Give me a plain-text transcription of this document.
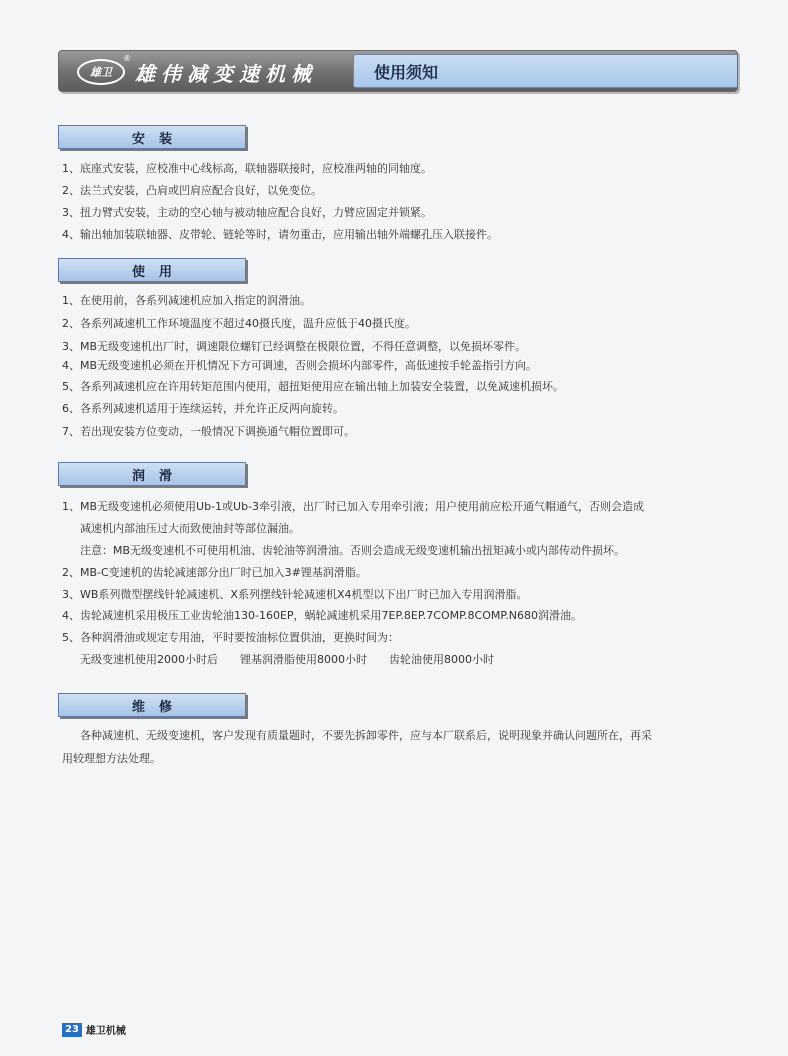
雄卫
®
雄伟减变速机械	使用须知
安装
1、底座式安装，应校准中心线标高，联轴器联接时，应校准两轴的同轴度。
2、法兰式安装，凸肩或凹肩应配合良好，以免变位。
3、扭力臂式安装，主动的空心轴与被动轴应配合良好，力臂应固定并锁紧。
4、输出轴加装联轴器、皮带轮、链轮等时，请勿重击，应用输出轴外端螺孔压入联接件。
使用
1、在使用前，各系列减速机应加入指定的润滑油。
2、各系列减速机工作环境温度不超过40摄氏度，温升应低于40摄氏度。
3、MB无级变速机出厂时，调速限位螺钉已经调整在极限位置，不得任意调整，以免损坏零件。
4、MB无级变速机必须在开机情况下方可调速，否则会损坏内部零件，高低速按手轮盖指引方向。
5、各系列减速机应在许用转矩范围内使用，超扭矩使用应在输出轴上加装安全装置，以免减速机损坏。
6、各系列减速机适用于连续运转，并允许正反两向旋转。
7、若出现安装方位变动，一般情况下调换通气帽位置即可。
润滑
1、MB无级变速机必须使用Ub-1或Ub-3牵引液，出厂时已加入专用牵引液；用户使用前应松开通气帽通气，否则会造成
减速机内部油压过大而致使油封等部位漏油。
注意：MB无级变速机不可使用机油、齿轮油等润滑油。否则会造成无级变速机输出扭矩减小或内部传动件损坏。
2、MB-C变速机的齿轮减速部分出厂时已加入3#锂基润滑脂。
3、WB系列微型摆线针轮减速机、X系列摆线针轮减速机X4机型以下出厂时已加入专用润滑脂。
4、齿轮减速机采用极压工业齿轮油130-160EP，蜗轮减速机采用7EP.8EP.7COMP.8COMP.N680润滑油。
5、各种润滑油或规定专用油，平时要按油标位置供油，更换时间为：
无级变速机使用2000小时后　　锂基润滑脂使用8000小时　　齿轮油使用8000小时
维修
各种减速机、无级变速机，客户发现有质量题时，不要先拆卸零件，应与本厂联系后，说明现象并确认问题所在，再采
用较理想方法处理。
23 雄卫机械
